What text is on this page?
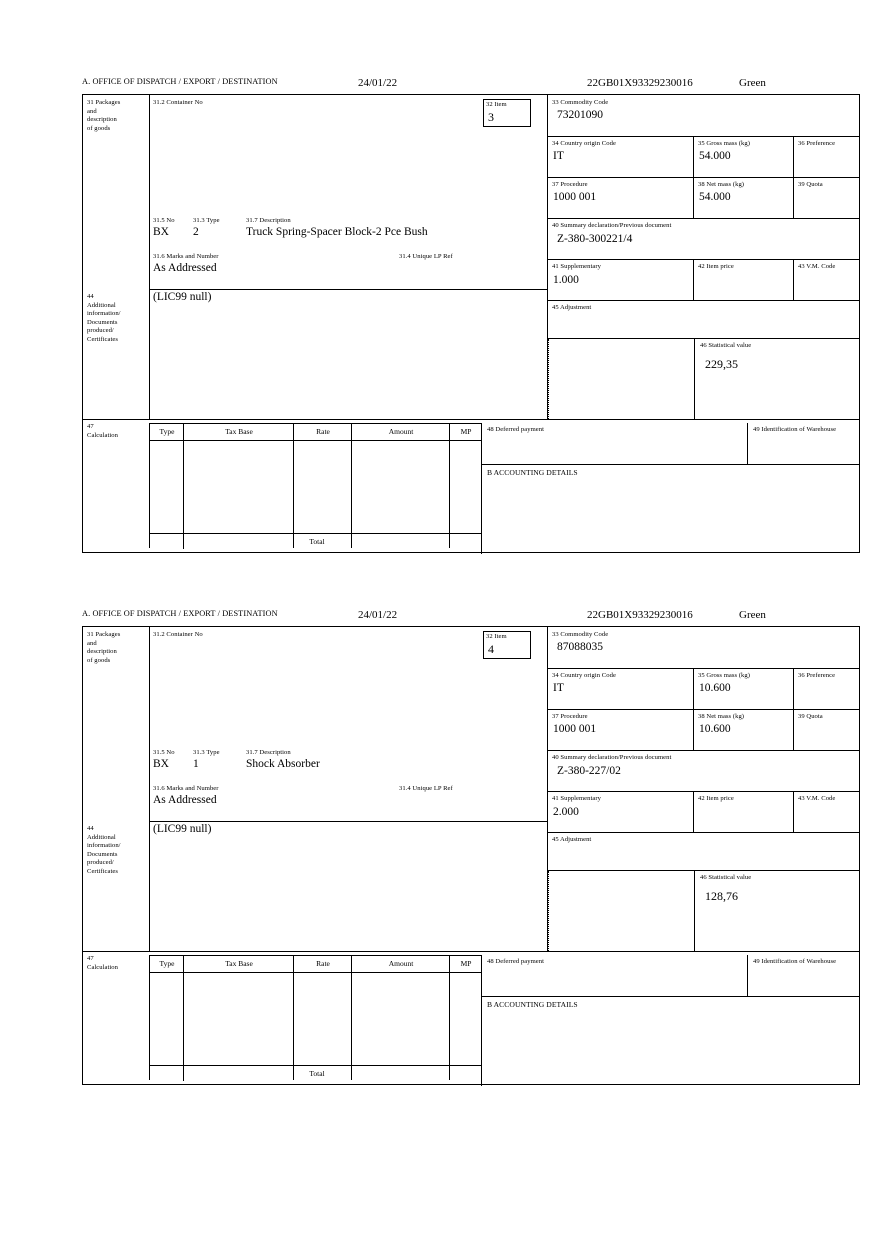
A. OFFICE OF DISPATCH / EXPORT / DESTINATION	24/01/22	22GB01X93329230016	Green
31 Packages
and
description
of goods
31.2 Container No	32 Item
3
31.5 No	31.3 Type	31.7 Description
BX 2	Truck Spring-Spacer Block-2 Pce Bush
31.6 Marks and Number	31.4 Unique LP Ref
As Addressed
44
Additional
information/
Documents
produced/
Certificates
(LIC99 null)
33 Commodity Code
73201090
34 Country origin Code
IT
35 Gross mass (kg)
54.000
36 Preference
37 Procedure
1000 001
38 Net mass (kg)
54.000
39 Quota
40 Summary declaration/Previous document
Z-380-300221/4
41 Supplementary
1.000
42 Item price	43 V.M. Code
45 Adjustment
46 Statistical value
229,35
47
Calculation	Type	Tax Base	Rate	Amount	MP
Total
48 Deferred payment	49 Identification of Warehouse
B ACCOUNTING DETAILS
A. OFFICE OF DISPATCH / EXPORT / DESTINATION	24/01/22	22GB01X93329230016	Green
31 Packages
and
description
of goods
31.2 Container No	32 Item
4
31.5 No	31.3 Type	31.7 Description
BX 1	Shock Absorber
31.6 Marks and Number	31.4 Unique LP Ref
As Addressed
44
Additional
information/
Documents
produced/
Certificates
(LIC99 null)
33 Commodity Code
87088035
34 Country origin Code
IT
35 Gross mass (kg)
10.600
36 Preference
37 Procedure
1000 001
38 Net mass (kg)
10.600
39 Quota
40 Summary declaration/Previous document
Z-380-227/02
41 Supplementary
2.000
42 Item price	43 V.M. Code
45 Adjustment
46 Statistical value
128,76
47
Calculation	Type	Tax Base	Rate	Amount	MP
Total
48 Deferred payment	49 Identification of Warehouse
B ACCOUNTING DETAILS
